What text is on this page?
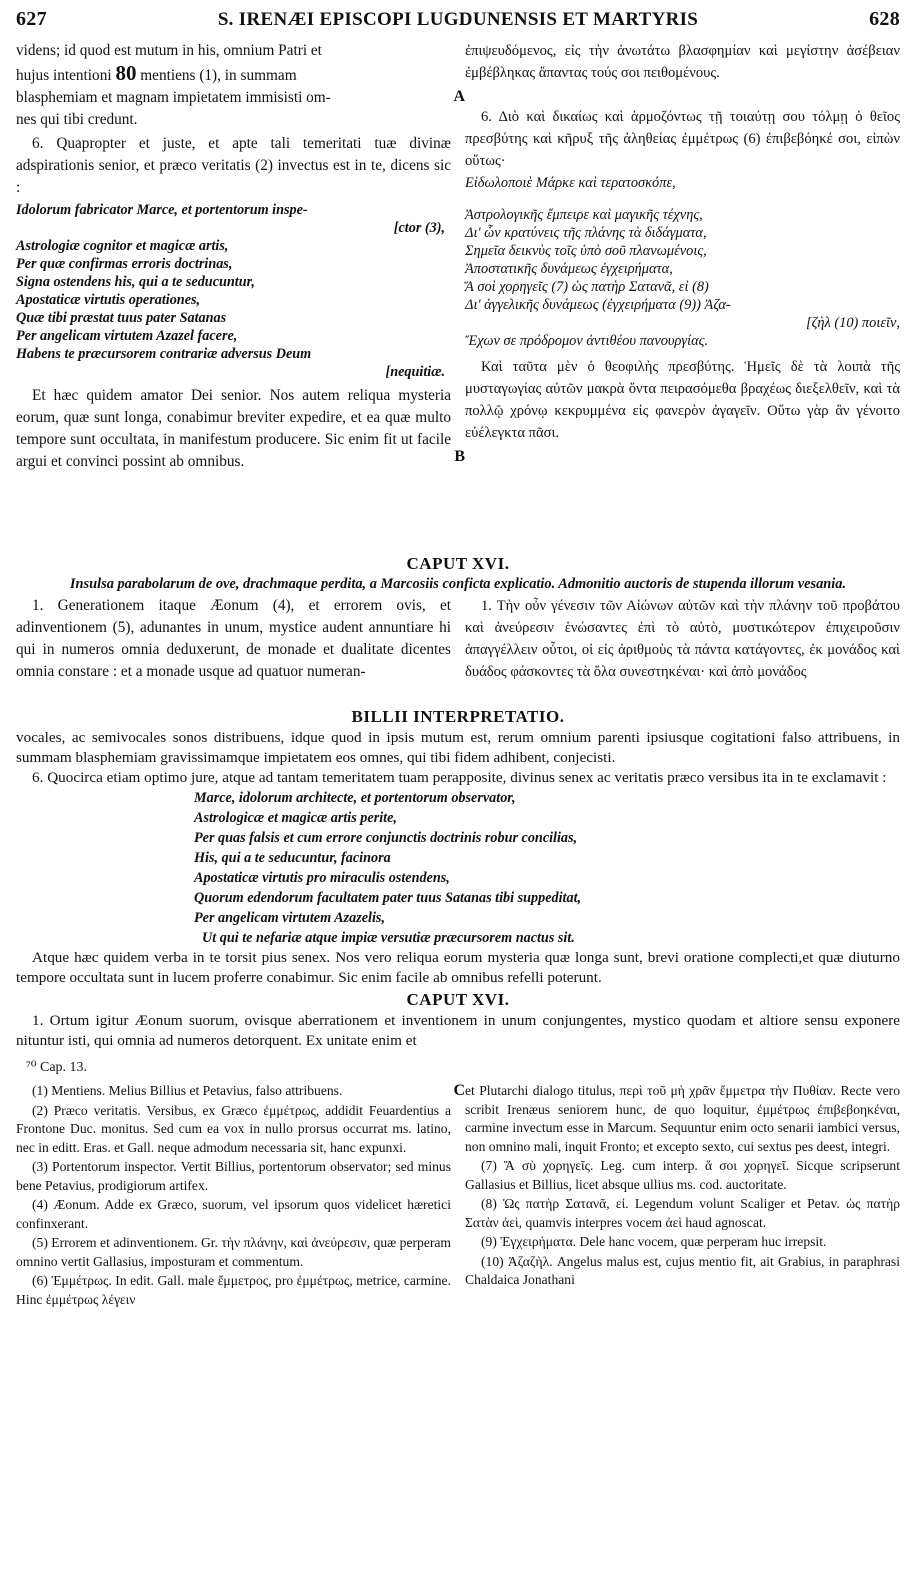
627	S. IRENÆI EPISCOPI LUGDUNENSIS ET MARTYRIS	628

videns; id quod est mutum in his, omnium Patri et

hujus intentioni 80 mentiens (1), in summam

blasphemiam et magnam impietatem immisisti om-

nes qui tibi credunt.

6. Quapropter et juste, et apte tali temeritati tuæ divinæ adspirationis senior, et præco veritatis (2) invectus est in te, dicens sic :

Idolorum fabricator Marce, et portentorum inspe-

[ctor (3),

Astrologiæ cognitor et magicæ artis,

Per quæ confirmas erroris doctrinas,

Signa ostendens his, qui a te seducuntur,

Apostaticæ virtutis operationes,

Quæ tibi præstat tuus pater Satanas

Per angelicam virtutem Azazel facere,

Habens te præcursorem contrariæ adversus Deum

[nequitiæ.

Et hæc quidem amator Dei senior. Nos autem reliqua mysteria eorum, quæ sunt longa, conabimur breviter expedire, et ea quæ multo tempore sunt occultata, in manifestum producere. Sic enim fit ut facile argui et convinci possint ab omnibus.

A
B

ἐπιψευδόμενος, εἰς τὴν ἀνωτάτω βλασφημίαν καὶ μεγίστην ἀσέβειαν ἐμβέβληκας ἅπαντας τούς σοι πειθομένους.

6. Διὸ καὶ δικαίως καὶ ἁρμοζόντως τῇ τοιαύτῃ σου τόλμῃ ὁ θεῖος πρεσβύτης καὶ κῆρυξ τῆς ἀληθείας ἐμμέτρως (6) ἐπιβεβόηκέ σοι, εἰπὼν οὕτως·

Εἰδωλοποιὲ Μάρκε καὶ τερατοσκόπε,

Ἀστρολογικῆς ἔμπειρε καὶ μαγικῆς τέχνης,

Δι' ὧν κρατύνεις τῆς πλάνης τὰ διδάγματα,

Σημεῖα δεικνὺς τοῖς ὑπὸ σοῦ πλανωμένοις,

Ἀποστατικῆς δυνάμεως ἐγχειρήματα,

Ἅ σοὶ χορηγεῖς (7) ὡς πατὴρ Σατανᾶ, εἰ (8)

Δι' ἀγγελικῆς δυνάμεως (ἐγχειρήματα (9)) Ἀζα-

[ζὴλ (10) ποιεῖν,

Ἔχων σε πρόδρομον ἀντιθέου πανουργίας.

Καὶ ταῦτα μὲν ὁ θεοφιλὴς πρεσβύτης. Ἡμεῖς δὲ τὰ λοιπὰ τῆς μυσταγωγίας αὐτῶν μακρὰ ὄντα πειρασόμεθα βραχέως διεξελθεῖν, καὶ τὰ πολλῷ χρόνῳ κεκρυμμένα εἰς φανερὸν ἀγαγεῖν. Οὕτω γὰρ ἂν γένοιτο εὐέλεγκτα πᾶσι.

CAPUT XVI.
Insulsa parabolarum de ove, drachmaque perdita, a Marcosiis conficta explicatio. Admonitio auctoris de stupenda illorum vesania.

1. Generationem itaque Æonum (4), et errorem ovis, et adinventionem (5), adunantes in unum, mystice audent annuntiare hi qui in numeros omnia deduxerunt, de monade et dualitate dicentes omnia constare : et a monade usque ad quatuor numeran-

1. Τὴν οὖν γένεσιν τῶν Αἰώνων αὐτῶν καὶ τὴν πλάνην τοῦ προβάτου καὶ ἀνεύρεσιν ἑνώσαντες ἐπὶ τὸ αὐτὸ, μυστικώτερον ἐπιχειροῦσιν ἀπαγγέλλειν οὗτοι, οἱ εἰς ἀριθμοὺς τὰ πάντα κατάγοντες, ἐκ μονάδος καὶ δυάδος φάσκοντες τὰ ὅλα συνεστηκέναι· καὶ ἀπὸ μονάδος

BILLII INTERPRETATIO.

vocales, ac semivocales sonos distribuens, idque quod in ipsis mutum est, rerum omnium parenti ipsiusque cogitationi falso attribuens, in summam blasphemiam gravissimamque impietatem eos omnes, qui tibi fidem adhibent, conjecisti.

6. Quocirca etiam optimo jure, atque ad tantam temeritatem tuam perapposite, divinus senex ac veritatis præco versibus ita in te exclamavit :

Marce, idolorum architecte, et portentorum observator,

Astrologicæ et magicæ artis perite,

Per quas falsis et cum errore conjunctis doctrinis robur concilias,

His, qui a te seducuntur, facinora

Apostaticæ virtutis pro miraculis ostendens,

Quorum edendorum facultatem pater tuus Satanas tibi suppeditat,

Per angelicam virtutem Azazelis,

Ut qui te nefariæ atque impiæ versutiæ præcursorem nactus sit.

Atque hæc quidem verba in te torsit pius senex. Nos vero reliqua eorum mysteria quæ longa sunt, brevi oratione complecti,et quæ diuturno tempore occultata sunt in lucem proferre conabimur. Sic enim facile ab omnibus refelli poterunt.

CAPUT XVI.

1. Ortum igitur Æonum suorum, ovisque aberrationem et inventionem in unum conjungentes, mystico quodam et altiore sensu exponere nituntur isti, qui omnia ad numeros detorquent. Ex unitate enim et

⁷⁰ Cap. 13.

(1) Mentiens. Melius Billius et Petavius, falso attribuens.

(2) Præco veritatis. Versibus, ex Græco ἐμμέτρως, addidit Feuardentius a Frontone Duc. monitus. Sed cum ea vox in nullo prorsus occurrat ms. latino, nec in editt. Eras. et Gall. neque admodum necessaria sit, hanc expunxi.

(3) Portentorum inspector. Vertit Billius, portentorum observator; sed minus bene Petavius, prodigiorum artifex.

(4) Æonum. Adde ex Græco, suorum, vel ipsorum quos videlicet hæretici confinxerant.

(5) Errorem et adinventionem. Gr. τὴν πλάνην, καὶ ἀνεύρεσιν, quæ perperam omnino vertit Gallasius, imposturam et commentum.

(6) Ἐμμέτρως. In edit. Gall. male ἔμμετρος, pro ἐμμέτρως, metrice, carmine. Hinc ἐμμέτρως λέγειν

C et Plutarchi dialogo titulus, περὶ τοῦ μὴ χρᾶν ἔμμετρα τὴν Πυθίαν. Recte vero scribit Irenæus seniorem hunc, de quo loquitur, ἐμμέτρως ἐπιβεβοηκέναι, carmine invectum esse in Marcum. Sequuntur enim octo senarii iambici versus, non omnino mali, inquit Fronto; et excepto sexto, cui sextus pes deest, integri.

(7) Ἅ σὺ χορηγεῖς. Leg. cum interp. ἅ σοι χορηγεῖ. Sicque scripserunt Gallasius et Billius, licet absque ullius ms. cod. auctoritate.

(8) Ὡς πατὴρ Σατανᾶ, εἰ. Legendum volunt Scaliger et Petav. ὡς πατὴρ Σατὰν ἀεὶ, quamvis interpres vocem ἀεὶ haud agnoscat.

(9) Ἐγχειρήματα. Dele hanc vocem, quæ perperam huc irrepsit.

(10) Ἀζαζὴλ. Angelus malus est, cujus mentio fit, ait Grabius, in paraphrasi Chaldaica Jonathani
